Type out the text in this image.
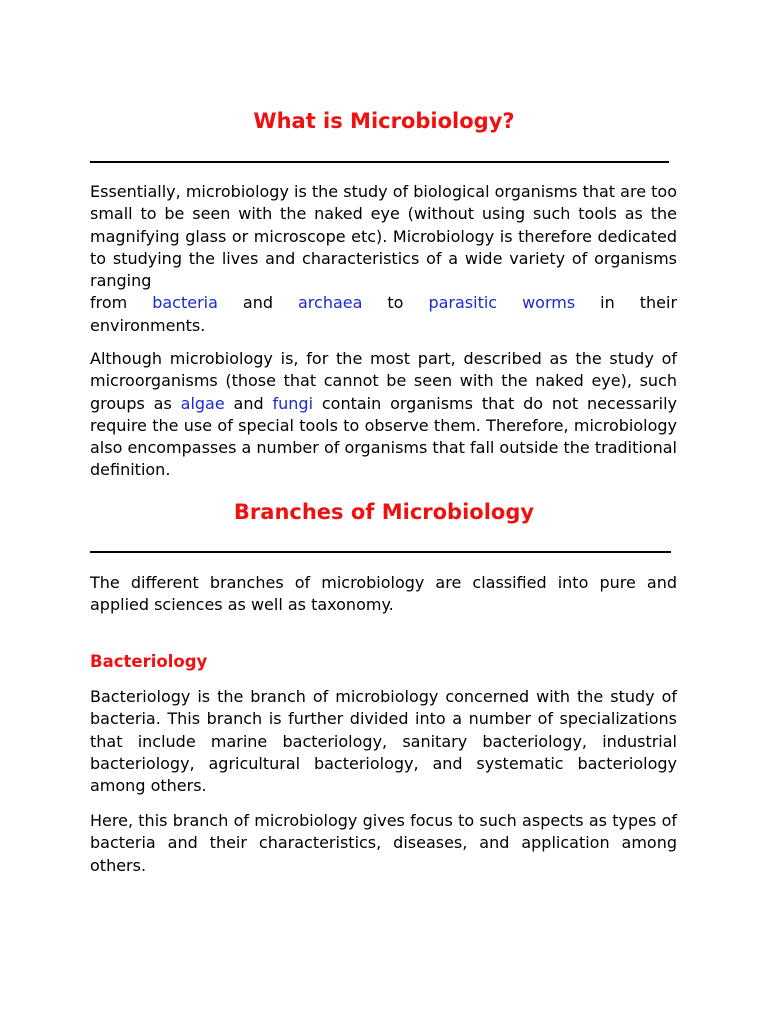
What is Microbiology?

Essentially, microbiology is the study of biological organisms that are too small to be seen with the naked eye (without using such tools as the magnifying glass or microscope etc). Microbiology is therefore dedicated to studying the lives and characteristics of a wide variety of organisms ranging
from bacteria and archaea to parasitic worms in their
environments.

Although microbiology is, for the most part, described as the study of microorganisms (those that cannot be seen with the naked eye), such groups as algae and fungi contain organisms that do not necessarily require the use of special tools to observe them. Therefore, microbiology also encompasses a number of organisms that fall outside the traditional definition.

Branches of Microbiology

The different branches of microbiology are classified into pure and applied sciences as well as taxonomy.

Bacteriology

Bacteriology is the branch of microbiology concerned with the study of bacteria. This branch is further divided into a number of specializations that include marine bacteriology, sanitary bacteriology, industrial bacteriology, agricultural bacteriology, and systematic bacteriology among others.

Here, this branch of microbiology gives focus to such aspects as types of bacteria and their characteristics, diseases, and application among others.
